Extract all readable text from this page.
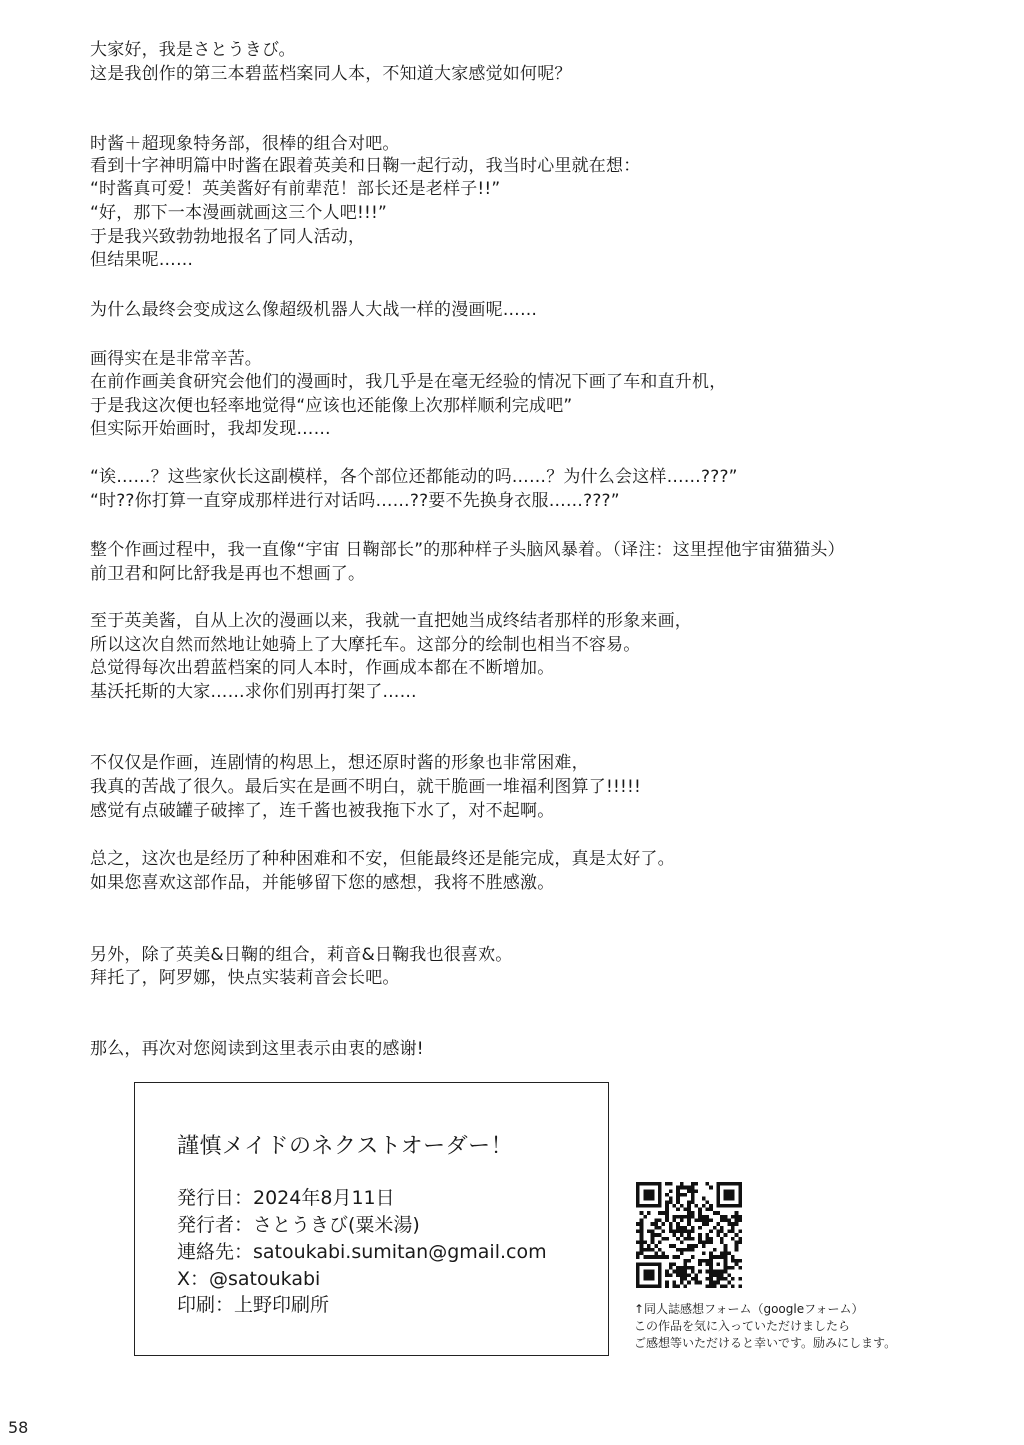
大家好，我是さとうきび。
这是我创作的第三本碧蓝档案同人本，不知道大家感觉如何呢？
时酱＋超现象特务部，很棒的组合对吧。
看到十字神明篇中时酱在跟着英美和日鞠一起行动，我当时心里就在想：
“时酱真可爱！英美酱好有前辈范！部长还是老样子!!”
“好，那下一本漫画就画这三个人吧!!!”
于是我兴致勃勃地报名了同人活动，
但结果呢……
为什么最终会变成这么像超级机器人大战一样的漫画呢……
画得实在是非常辛苦。
在前作画美食研究会他们的漫画时，我几乎是在毫无经验的情况下画了车和直升机，
于是我这次便也轻率地觉得“应该也还能像上次那样顺利完成吧”
但实际开始画时，我却发现……
“诶……？这些家伙长这副模样，各个部位还都能动的吗……？为什么会这样……???”
“时??你打算一直穿成那样进行对话吗……??要不先换身衣服……???”
整个作画过程中，我一直像“宇宙 日鞠部长”的那种样子头脑风暴着。（译注：这里捏他宇宙猫猫头）
前卫君和阿比舒我是再也不想画了。
至于英美酱，自从上次的漫画以来，我就一直把她当成终结者那样的形象来画，
所以这次自然而然地让她骑上了大摩托车。这部分的绘制也相当不容易。
总觉得每次出碧蓝档案的同人本时，作画成本都在不断增加。
基沃托斯的大家……求你们别再打架了……
不仅仅是作画，连剧情的构思上，想还原时酱的形象也非常困难，
我真的苦战了很久。最后实在是画不明白，就干脆画一堆福利图算了!!!!!
感觉有点破罐子破摔了，连千酱也被我拖下水了，对不起啊。
总之，这次也是经历了种种困难和不安，但能最终还是能完成，真是太好了。
如果您喜欢这部作品，并能够留下您的感想，我将不胜感激。
另外，除了英美&日鞠的组合，莉音&日鞠我也很喜欢。
拜托了，阿罗娜，快点实装莉音会长吧。
那么，再次对您阅读到这里表示由衷的感谢!
謹慎メイドのネクストオーダー！
発行日：2024年8月11日
発行者：さとうきび(粟米湯)
連絡先：satoukabi.sumitan@gmail.com
X：@satoukabi
印刷：上野印刷所	↑同人誌感想フォーム（googleフォーム）
この作品を気に入っていただけましたら
ご感想等いただけると幸いです。励みにします。
58
